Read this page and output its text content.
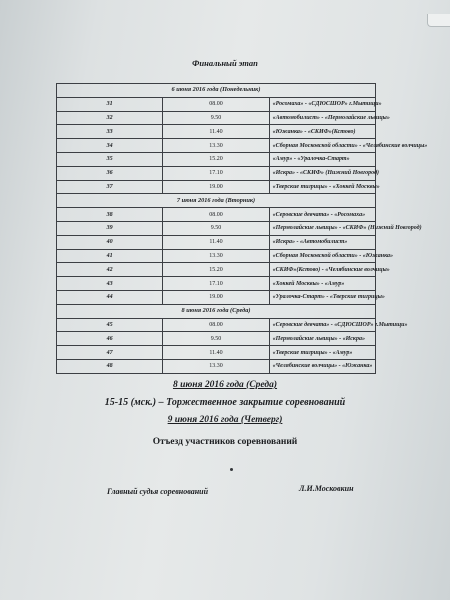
Финальный этап
6 июня 2016 года (Понедельник)		
31	08.00	«Росомаха» - «СДЮСШОР» г.Мытищи»
32	9.50	«Автомобилист» - «Пермолайские львицы»
33	11.40	«Южанка» - «СКИФ»(Кстово)
34	13.30	«Сборная Московской области» - «Челябинские волчицы»
35	15.20	«Амур» - «Уралочка-Старт»
36	17.10	«Искра» - «СКИФ» (Нижний Новгород)
37	19.00	«Тверские тигрицы» - «Хоккей Москвы»
7 июня 2016 года (Вторник)		
38	08.00	«Серовские девчата» - «Росомаха»
39	9.50	«Пермолайские львицы» - «СКИФ» (Нижний Новгород)
40	11.40	«Искра» - «Автомобилист»
41	13.30	«Сборная Московской области» - «Южанка»
42	15.20	«СКИФ»(Кстово) - «Челябинские волчицы»
43	17.10	«Хоккей Москвы» - «Амур»
44	19.00	«Уралочка-Старт» - «Тверские тигрицы»
8 июня 2016 года (Среда)		
45	08.00	«Серовские девчата» - «СДЮСШОР» г.Мытищи»
46	9.50	«Пермолайские львицы» - «Искра»
47	11.40	«Тверские тигрицы» - «Амур»
48	13.30	«Челябинские волчицы» - «Южанка»
8 июня 2016 года (Среда)
15-15 (мск.) – Торжественное закрытие соревнований
9 июня 2016 года (Четверг)
Отъезд участников соревнований
Главный судья соревнований	Л.И.Московкин
